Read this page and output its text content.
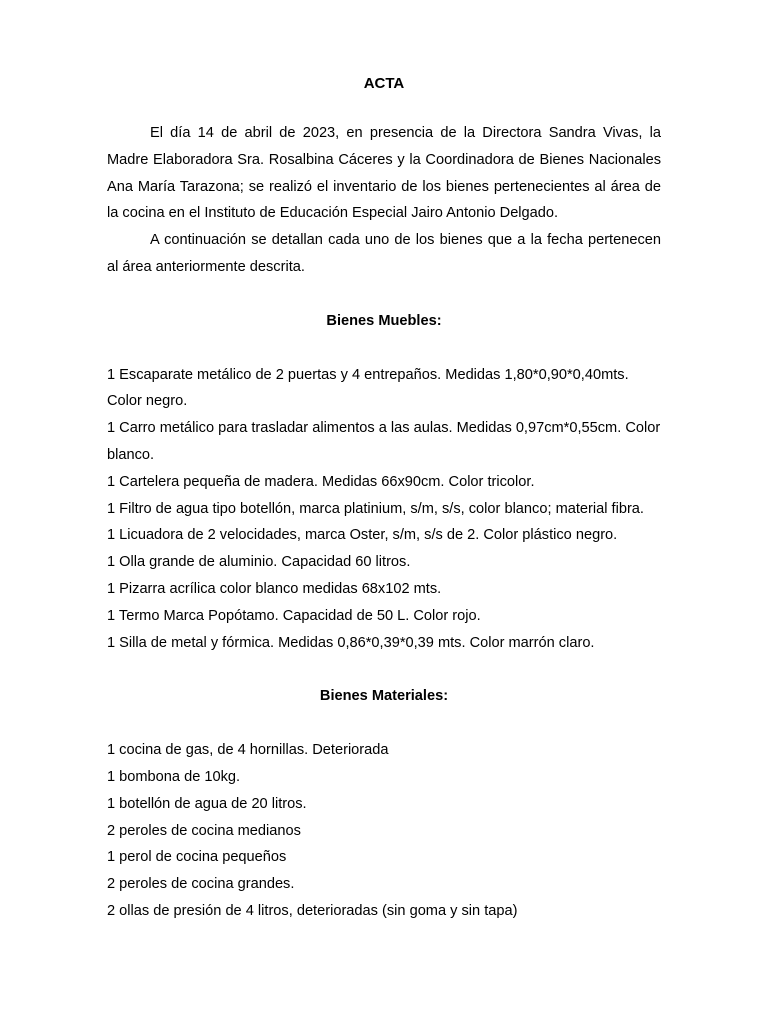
ACTA

El día 14 de abril de 2023, en presencia de la Directora Sandra Vivas, la Madre Elaboradora Sra. Rosalbina Cáceres y la Coordinadora de Bienes Nacionales Ana María Tarazona; se realizó el inventario de los bienes pertenecientes al área de la cocina en el Instituto de Educación Especial Jairo Antonio Delgado.

A continuación se detallan cada uno de los bienes que a la fecha pertenecen al área anteriormente descrita.

Bienes Muebles:

1 Escaparate metálico de 2 puertas y 4 entrepaños. Medidas 1,80*0,90*0,40mts. Color negro.
1 Carro metálico para trasladar alimentos a las aulas. Medidas 0,97cm*0,55cm. Color blanco.
1 Cartelera pequeña de madera. Medidas 66x90cm. Color tricolor.
1 Filtro de agua tipo botellón, marca platinium, s/m, s/s, color blanco; material fibra.
1 Licuadora de 2 velocidades, marca Oster, s/m, s/s de 2. Color plástico negro.
1 Olla grande de aluminio. Capacidad 60 litros.
1 Pizarra acrílica color blanco medidas 68x102 mts.
1 Termo Marca Popótamo. Capacidad de 50 L. Color rojo.
1 Silla de metal y fórmica. Medidas 0,86*0,39*0,39 mts. Color marrón claro.

Bienes Materiales:

1 cocina de gas, de 4 hornillas. Deteriorada
1 bombona de 10kg.
1 botellón de agua de 20 litros.
2 peroles de cocina medianos
1 perol de cocina pequeños
2 peroles de cocina grandes.
2 ollas de presión de 4 litros, deterioradas (sin goma y sin tapa)
